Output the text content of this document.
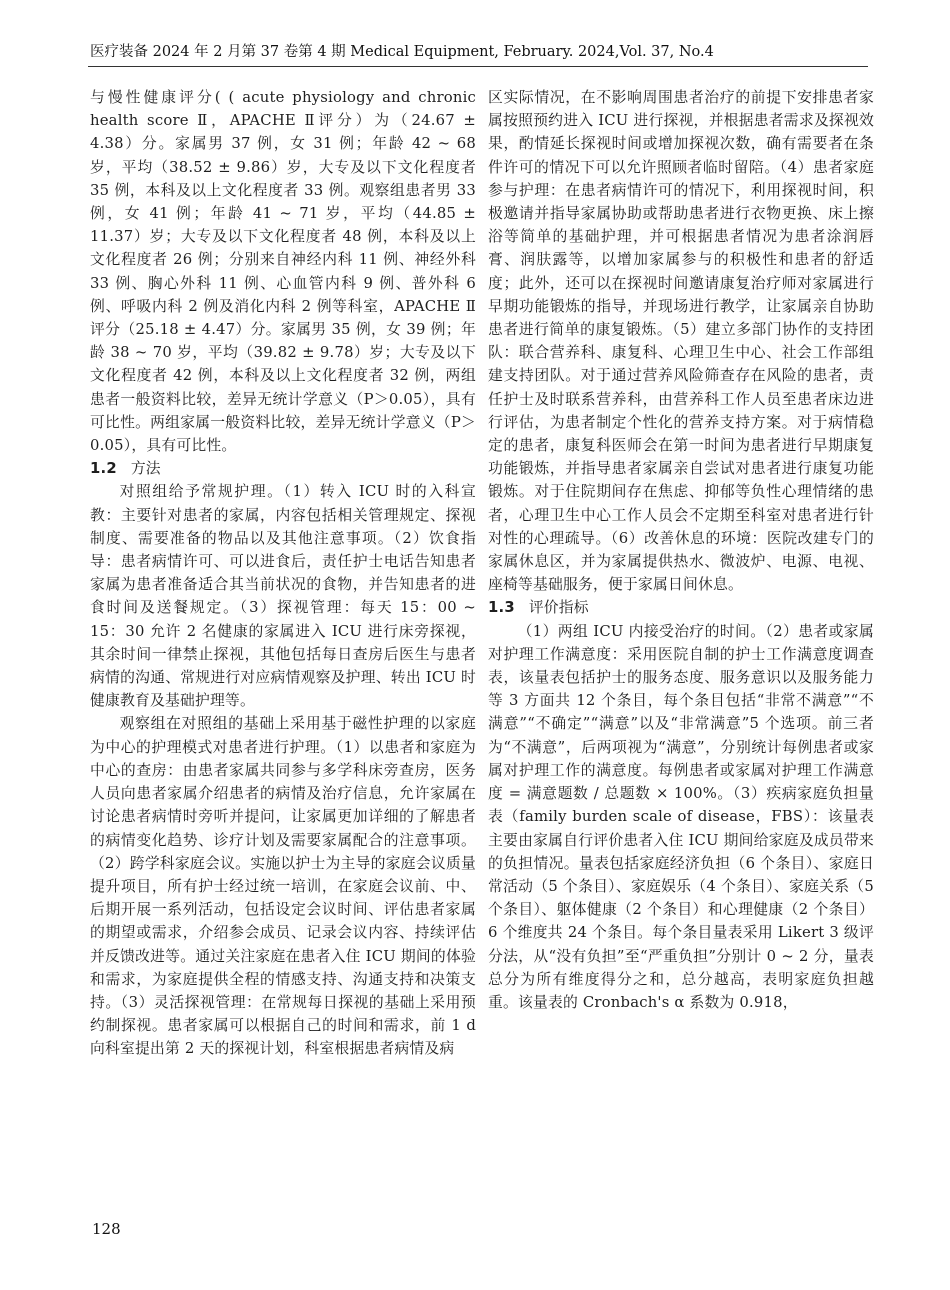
医疗装备 2024 年 2 月第 37 卷第 4 期 Medical Equipment, February. 2024,Vol. 37, No.4

与慢性健康评分( ( acute physiology and chronic health score Ⅱ，APACHE Ⅱ评分）为（24.67 ± 4.38）分。家属男 37 例，女 31 例；年龄 42 ~ 68 岁，平均（38.52 ± 9.86）岁，大专及以下文化程度者 35 例，本科及以上文化程度者 33 例。观察组患者男 33 例，女 41 例；年龄 41 ~ 71 岁，平均（44.85 ± 11.37）岁；大专及以下文化程度者 48 例，本科及以上文化程度者 26 例；分别来自神经内科 11 例、神经外科 33 例、胸心外科 11 例、心血管内科 9 例、普外科 6 例、呼吸内科 2 例及消化内科 2 例等科室，APACHE Ⅱ评分（25.18 ± 4.47）分。家属男 35 例，女 39 例；年龄 38 ~ 70 岁，平均（39.82 ± 9.78）岁；大专及以下文化程度者 42 例，本科及以上文化程度者 32 例，两组患者一般资料比较，差异无统计学意义（P＞0.05），具有可比性。两组家属一般资料比较，差异无统计学意义（P＞0.05），具有可比性。

1.2 方法

对照组给予常规护理。（1）转入 ICU 时的入科宣教：主要针对患者的家属，内容包括相关管理规定、探视制度、需要准备的物品以及其他注意事项。（2）饮食指导：患者病情许可、可以进食后，责任护士电话告知患者家属为患者准备适合其当前状况的食物，并告知患者的进食时间及送餐规定。（3）探视管理：每天 15：00 ~ 15：30 允许 2 名健康的家属进入 ICU 进行床旁探视，其余时间一律禁止探视，其他包括每日查房后医生与患者病情的沟通、常规进行对应病情观察及护理、转出 ICU 时健康教育及基础护理等。

观察组在对照组的基础上采用基于磁性护理的以家庭为中心的护理模式对患者进行护理。（1）以患者和家庭为中心的查房：由患者家属共同参与多学科床旁查房，医务人员向患者家属介绍患者的病情及治疗信息，允许家属在讨论患者病情时旁听并提问，让家属更加详细的了解患者的病情变化趋势、诊疗计划及需要家属配合的注意事项。（2）跨学科家庭会议。实施以护士为主导的家庭会议质量提升项目，所有护士经过统一培训，在家庭会议前、中、后期开展一系列活动，包括设定会议时间、评估患者家属的期望或需求，介绍参会成员、记录会议内容、持续评估并反馈改进等。通过关注家庭在患者入住 ICU 期间的体验和需求，为家庭提供全程的情感支持、沟通支持和决策支持。（3）灵活探视管理：在常规每日探视的基础上采用预约制探视。患者家属可以根据自己的时间和需求，前 1 d 向科室提出第 2 天的探视计划，科室根据患者病情及病

区实际情况，在不影响周围患者治疗的前提下安排患者家属按照预约进入 ICU 进行探视，并根据患者需求及探视效果，酌情延长探视时间或增加探视次数，确有需要者在条件许可的情况下可以允许照顾者临时留陪。（4）患者家庭参与护理：在患者病情许可的情况下，利用探视时间，积极邀请并指导家属协助或帮助患者进行衣物更换、床上擦浴等简单的基础护理，并可根据患者情况为患者涂润唇膏、润肤露等，以增加家属参与的积极性和患者的舒适度；此外，还可以在探视时间邀请康复治疗师对家属进行早期功能锻炼的指导，并现场进行教学，让家属亲自协助患者进行简单的康复锻炼。（5）建立多部门协作的支持团队：联合营养科、康复科、心理卫生中心、社会工作部组建支持团队。对于通过营养风险筛查存在风险的患者，责任护士及时联系营养科，由营养科工作人员至患者床边进行评估，为患者制定个性化的营养支持方案。对于病情稳定的患者，康复科医师会在第一时间为患者进行早期康复功能锻炼，并指导患者家属亲自尝试对患者进行康复功能锻炼。对于住院期间存在焦虑、抑郁等负性心理情绪的患者，心理卫生中心工作人员会不定期至科室对患者进行针对性的心理疏导。（6）改善休息的环境：医院改建专门的家属休息区，并为家属提供热水、微波炉、电源、电视、座椅等基础服务，便于家属日间休息。

1.3 评价指标

（1）两组 ICU 内接受治疗的时间。（2）患者或家属对护理工作满意度：采用医院自制的护士工作满意度调查表，该量表包括护士的服务态度、服务意识以及服务能力等 3 方面共 12 个条目，每个条目包括“非常不满意”“不满意”“不确定”“满意”以及“非常满意”5 个选项。前三者为“不满意”，后两项视为“满意”，分别统计每例患者或家属对护理工作的满意度。每例患者或家属对护理工作满意度 = 满意题数 / 总题数 × 100%。（3）疾病家庭负担量表（family burden scale of disease，FBS）：该量表主要由家属自行评价患者入住 ICU 期间给家庭及成员带来的负担情况。量表包括家庭经济负担（6 个条目）、家庭日常活动（5 个条目）、家庭娱乐（4 个条目）、家庭关系（5 个条目）、躯体健康（2 个条目）和心理健康（2 个条目）6 个维度共 24 个条目。每个条目量表采用 Likert 3 级评分法，从“没有负担”至“严重负担”分别计 0 ~ 2 分，量表总分为所有维度得分之和，总分越高，表明家庭负担越重。该量表的 Cronbach's α 系数为 0.918，

128
